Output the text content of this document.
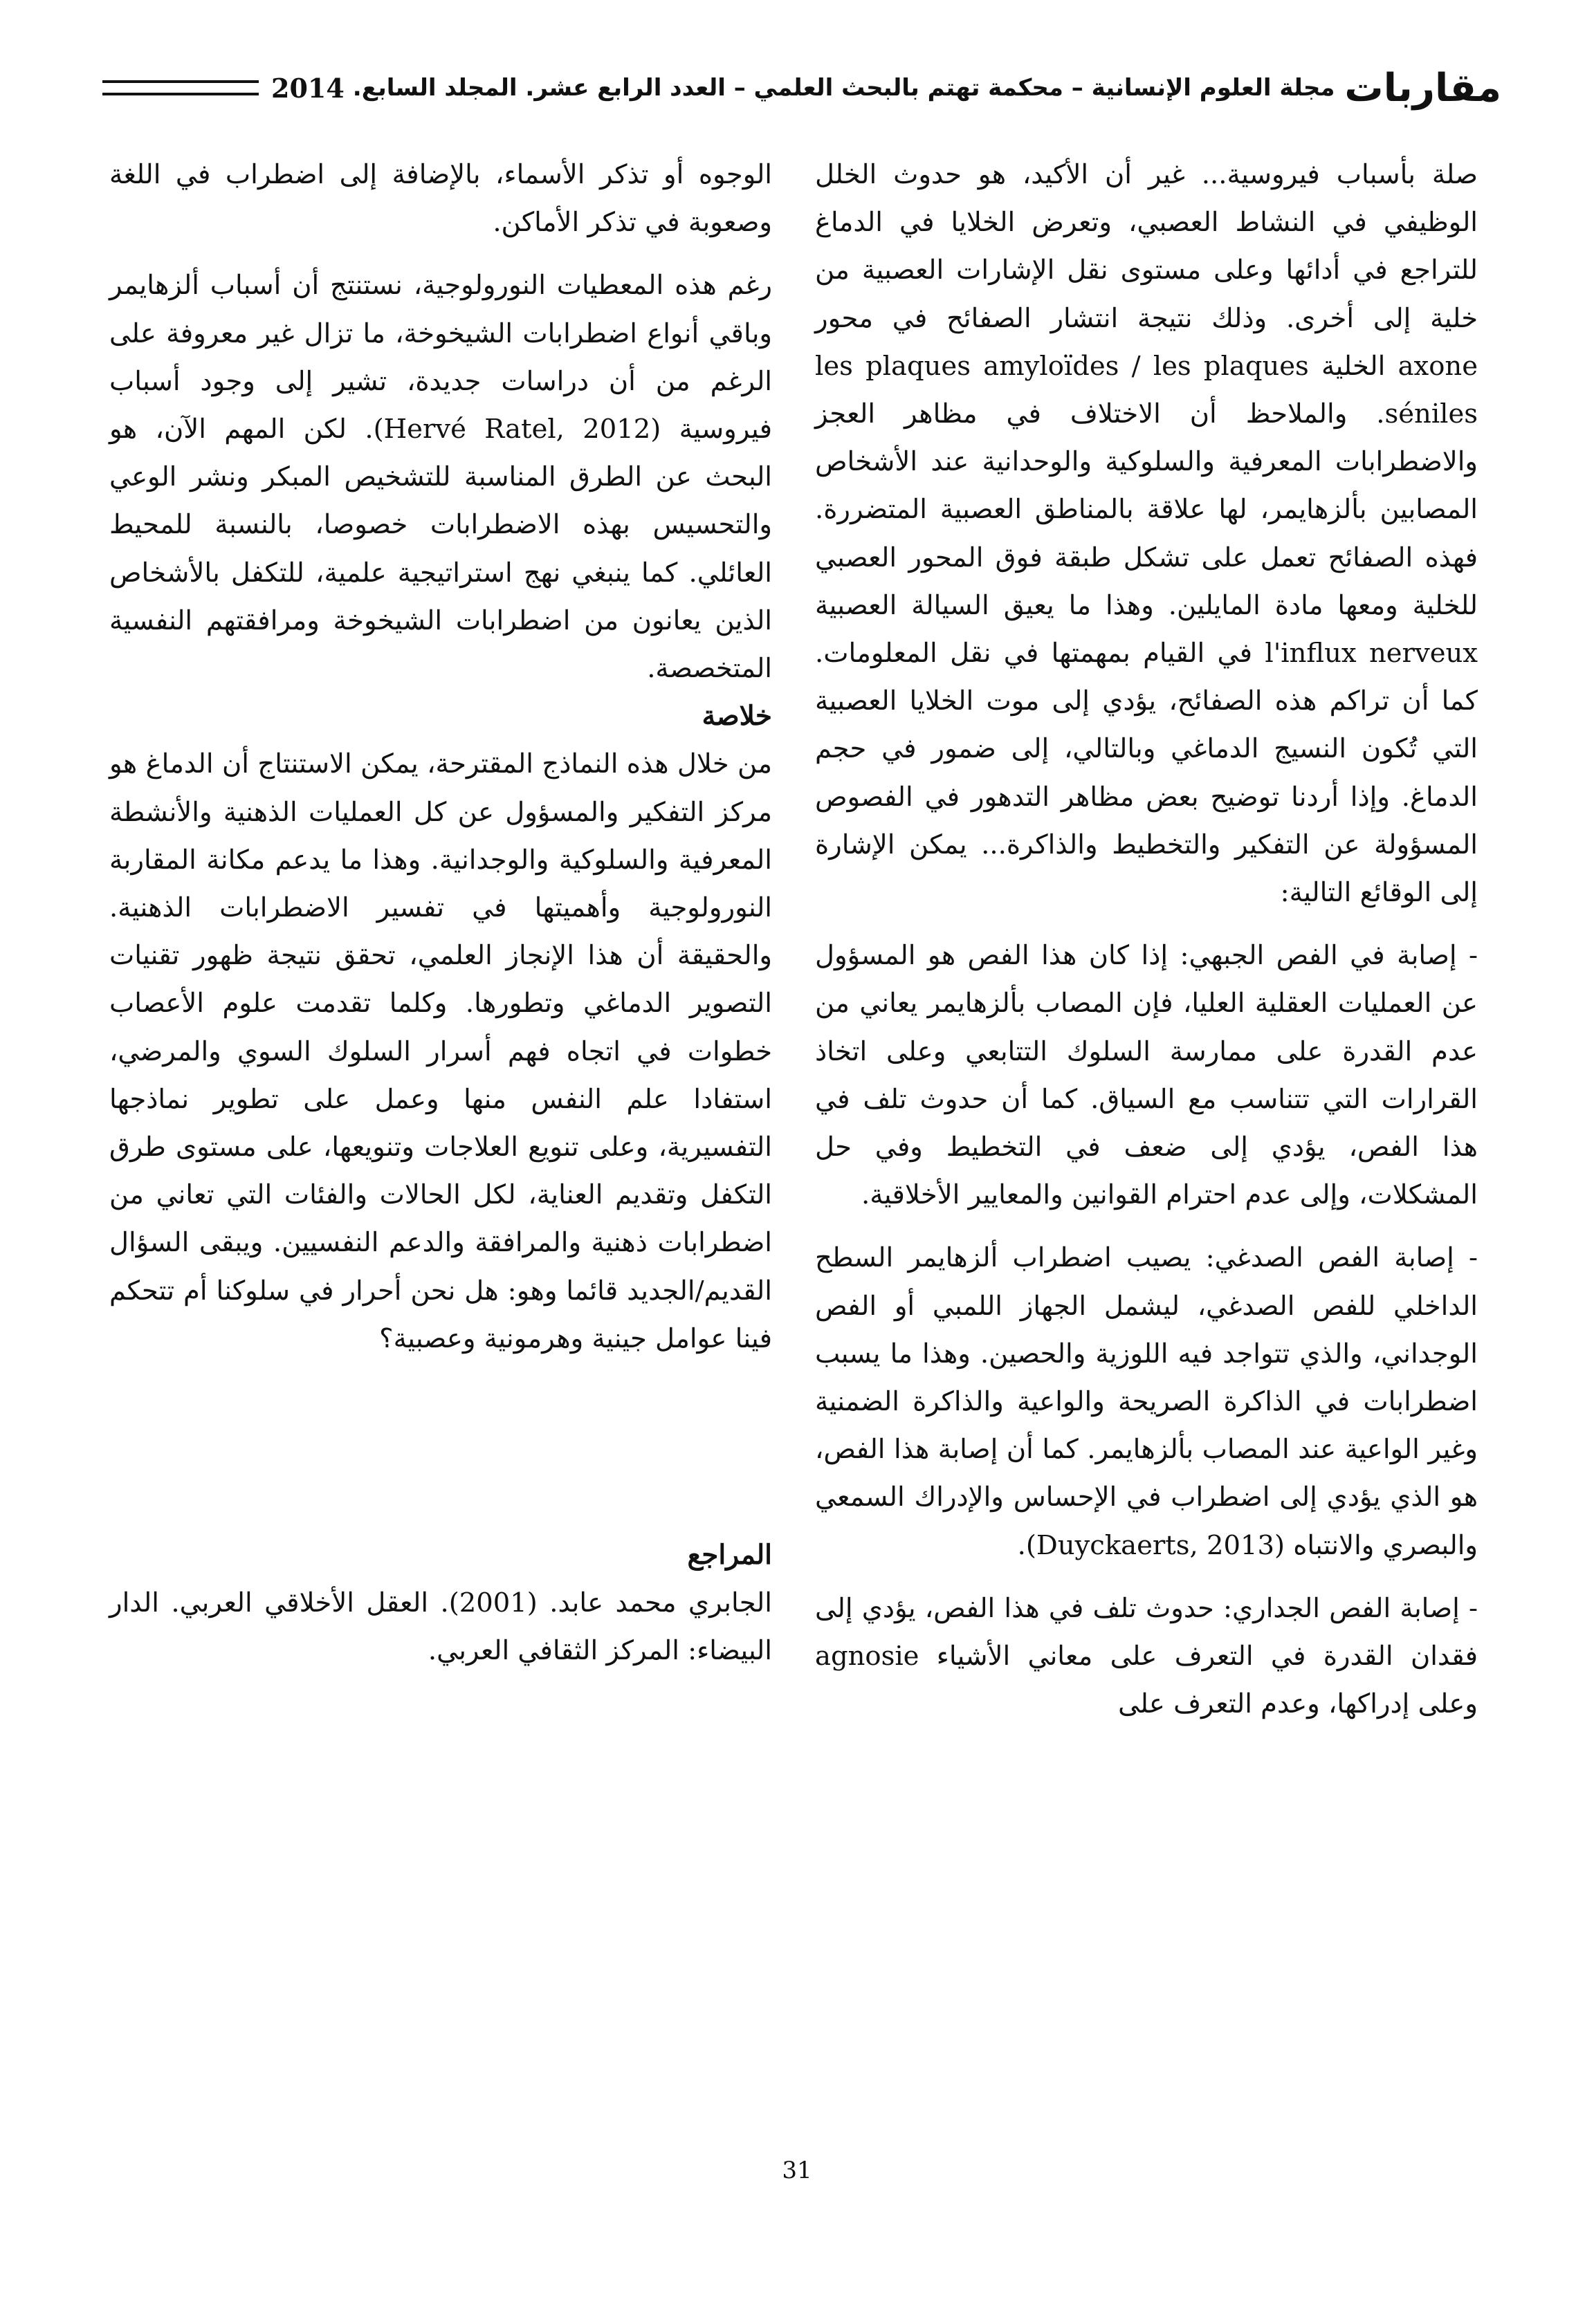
مقاربات
مجلة العلوم الإنسانية – محكمة تهتم بالبحث العلمي – العدد الرابع عشر. المجلد السابع.
2014

صلة بأسباب فيروسية... غير أن الأكيد، هو حدوث الخلل الوظيفي في النشاط العصبي، وتعرض الخلايا في الدماغ للتراجع في أدائها وعلى مستوى نقل الإشارات العصبية من خلية إلى أخرى. وذلك نتيجة انتشار الصفائح في محور axone الخلية les plaques amyloïdes / les plaques séniles. والملاحظ أن الاختلاف في مظاهر العجز والاضطرابات المعرفية والسلوكية والوحدانية عند الأشخاص المصابين بألزهايمر، لها علاقة بالمناطق العصبية المتضررة. فهذه الصفائح تعمل على تشكل طبقة فوق المحور العصبي للخلية ومعها مادة المايلين. وهذا ما يعيق السيالة العصبية l'influx nerveux في القيام بمهمتها في نقل المعلومات. كما أن تراكم هذه الصفائح، يؤدي إلى موت الخلايا العصبية التي تُكون النسيج الدماغي وبالتالي، إلى ضمور في حجم الدماغ. وإذا أردنا توضيح بعض مظاهر التدهور في الفصوص المسؤولة عن التفكير والتخطيط والذاكرة... يمكن الإشارة إلى الوقائع التالية:

- إصابة في الفص الجبهي: إذا كان هذا الفص هو المسؤول عن العمليات العقلية العليا، فإن المصاب بألزهايمر يعاني من عدم القدرة على ممارسة السلوك التتابعي وعلى اتخاذ القرارات التي تتناسب مع السياق. كما أن حدوث تلف في هذا الفص، يؤدي إلى ضعف في التخطيط وفي حل المشكلات، وإلى عدم احترام القوانين والمعايير الأخلاقية.

- إصابة الفص الصدغي: يصيب اضطراب ألزهايمر السطح الداخلي للفص الصدغي، ليشمل الجهاز اللمبي أو الفص الوجداني، والذي تتواجد فيه اللوزية والحصين. وهذا ما يسبب اضطرابات في الذاكرة الصريحة والواعية والذاكرة الضمنية وغير الواعية عند المصاب بألزهايمر. كما أن إصابة هذا الفص، هو الذي يؤدي إلى اضطراب في الإحساس والإدراك السمعي والبصري والانتباه (Duyckaerts, 2013).

- إصابة الفص الجداري: حدوث تلف في هذا الفص، يؤدي إلى فقدان القدرة في التعرف على معاني الأشياء agnosie وعلى إدراكها، وعدم التعرف على

الوجوه أو تذكر الأسماء، بالإضافة إلى اضطراب في اللغة وصعوبة في تذكر الأماكن.

رغم هذه المعطيات النورولوجية، نستنتج أن أسباب ألزهايمر وباقي أنواع اضطرابات الشيخوخة، ما تزال غير معروفة على الرغم من أن دراسات جديدة، تشير إلى وجود أسباب فيروسية (Hervé Ratel, 2012). لكن المهم الآن، هو البحث عن الطرق المناسبة للتشخيص المبكر ونشر الوعي والتحسيس بهذه الاضطرابات خصوصا، بالنسبة للمحيط العائلي. كما ينبغي نهج استراتيجية علمية، للتكفل بالأشخاص الذين يعانون من اضطرابات الشيخوخة ومرافقتهم النفسية المتخصصة.

خلاصة

من خلال هذه النماذج المقترحة، يمكن الاستنتاج أن الدماغ هو مركز التفكير والمسؤول عن كل العمليات الذهنية والأنشطة المعرفية والسلوكية والوجدانية. وهذا ما يدعم مكانة المقاربة النورولوجية وأهميتها في تفسير الاضطرابات الذهنية. والحقيقة أن هذا الإنجاز العلمي، تحقق نتيجة ظهور تقنيات التصوير الدماغي وتطورها. وكلما تقدمت علوم الأعصاب خطوات في اتجاه فهم أسرار السلوك السوي والمرضي، استفادا علم النفس منها وعمل على تطوير نماذجها التفسيرية، وعلى تنويع العلاجات وتنويعها، على مستوى طرق التكفل وتقديم العناية، لكل الحالات والفئات التي تعاني من اضطرابات ذهنية والمرافقة والدعم النفسيين. ويبقى السؤال القديم/الجديد قائما وهو: هل نحن أحرار في سلوكنا أم تتحكم فينا عوامل جينية وهرمونية وعصبية؟

المراجع

الجابري محمد عابد. (2001). العقل الأخلاقي العربي. الدار البيضاء: المركز الثقافي العربي.

31
